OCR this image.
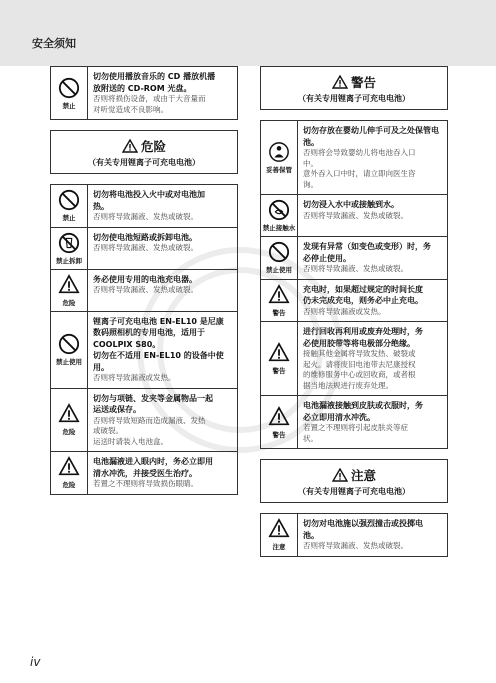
安全须知
禁止
切勿使用播放音乐的 CD 播放机播
放附送的 CD-ROM 光盘。
否则将损伤设备，或由于大音量而
对听觉造成不良影响。
危险
（有关专用锂离子可充电电池）
禁止
切勿将电池投入火中或对电池加
热。
否则将导致漏液、发热或破裂。
禁止拆卸
切勿使电池短路或拆卸电池。
否则将导致漏液、发热或破裂。
危险
务必使用专用的电池充电器。
否则将导致漏液、发热或破裂。
禁止使用
锂离子可充电电池 EN-EL10 是尼康
数码照相机的专用电池，适用于
COOLPIX S80。
切勿在不适用 EN-EL10 的设备中使
用。
否则将导致漏液或发热。
危险
切勿与项链、发夹等金属物品一起
运送或保存。
否则将导致短路而造成漏液、发热
或破裂。
运送时请装入电池盒。
危险
电池漏液进入眼内时，务必立即用
清水冲洗，并接受医生治疗。
若置之不理则将导致损伤眼睛。
警告
（有关专用锂离子可充电电池）
妥善保管
切勿存放在婴幼儿伸手可及之处保管电
池。
否则将会导致婴幼儿将电池吞入口
中。
意外吞入口中时，请立即向医生咨
询。
禁止接触水
切勿浸入水中或接触到水。
否则将导致漏液、发热或破裂。
禁止使用
发现有异常（如变色或变形）时，务
必停止使用。
否则将导致漏液、发热或破裂。
警告
充电时，如果超过规定的时间长度
仍未完成充电，则务必中止充电。
否则将导致漏液或发热。
警告
进行回收再利用或废弃处理时，务
必使用胶带等将电极部分绝缘。
接触其他金属将导致发热、破裂或
起火。请将废旧电池带去尼康授权
的维修服务中心或回收商，或者根
据当地法规进行废弃处理。
警告
电池漏液接触到皮肤或衣服时，务
必立即用清水冲洗。
若置之不理则将引起皮肤炎等症
状。
注意
（有关专用锂离子可充电电池）
注意
切勿对电池施以强烈撞击或投掷电
池。
否则将导致漏液、发热或破裂。
iv
